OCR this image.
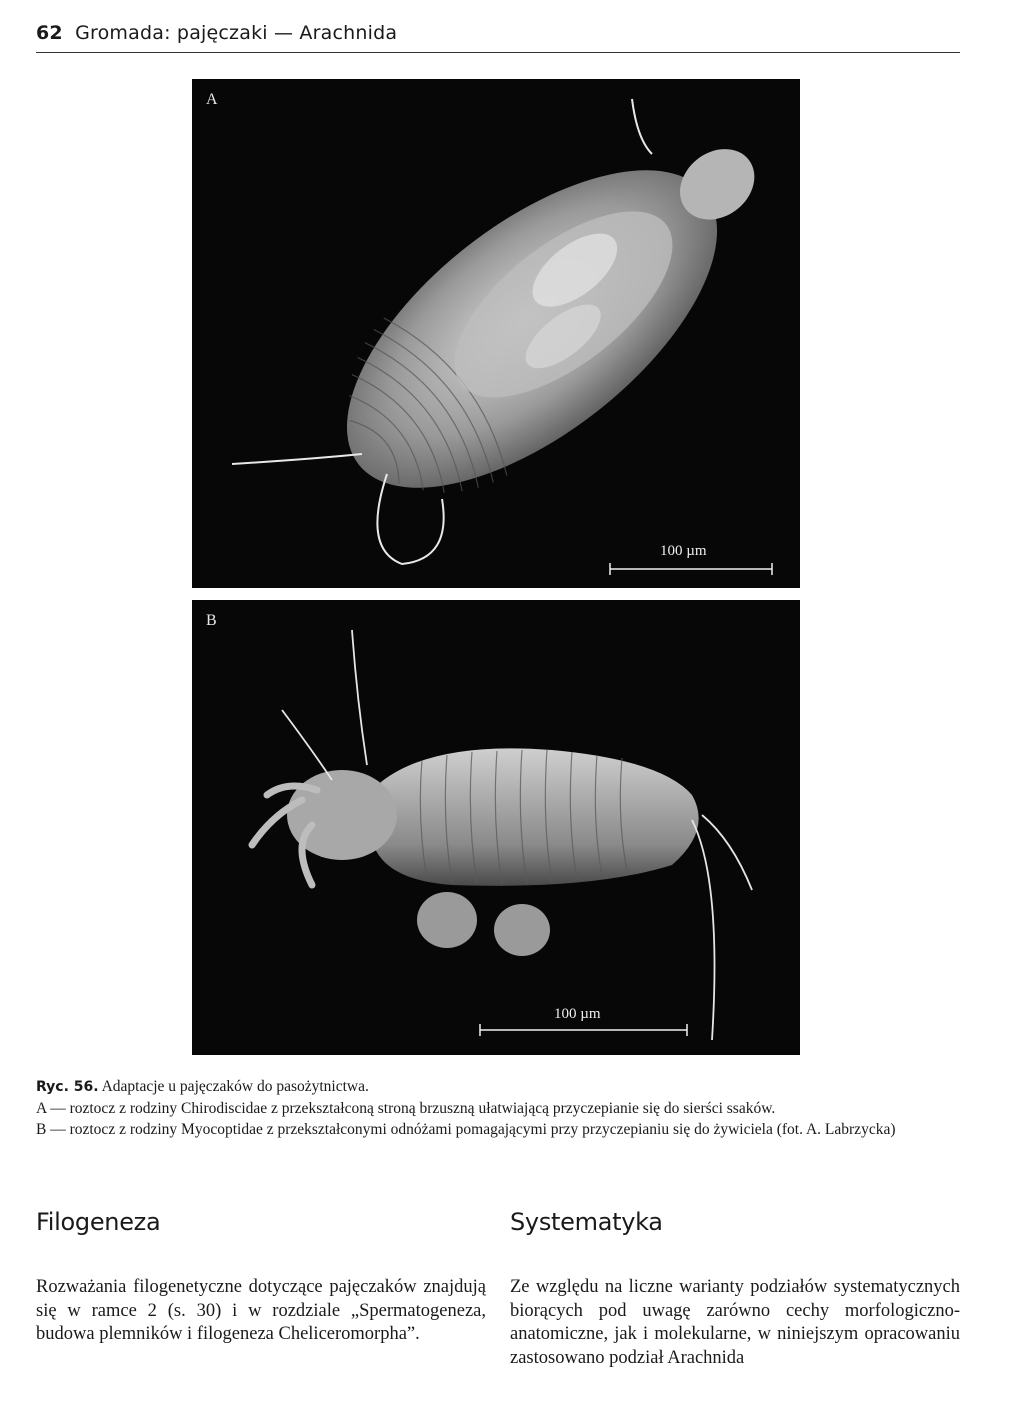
62 Gromada: pajęczaki — Arachnida
A
100 µm
B
100 µm

Ryc. 56. Adaptacje u pajęczaków do pasożytnictwa.

A — roztocz z rodziny Chirodiscidae z przekształconą stroną brzuszną ułatwiającą przyczepianie się do sierści ssaków.

B — roztocz z rodziny Myocoptidae z przekształconymi odnóżami pomagającymi przy przyczepianiu się do żywiciela (fot. A. Labrzycka)

Filogeneza

Rozważania filogenetyczne dotyczące pajęczaków znajdują się w ramce 2 (s. 30) i w rozdziale „Spermatogeneza, budowa plemników i filogeneza Cheliceromorpha”.

Systematyka

Ze względu na liczne warianty podziałów systematycznych biorących pod uwagę zarówno cechy morfologiczno-anatomiczne, jak i molekularne, w niniejszym opracowaniu zastosowano podział Arachnida
